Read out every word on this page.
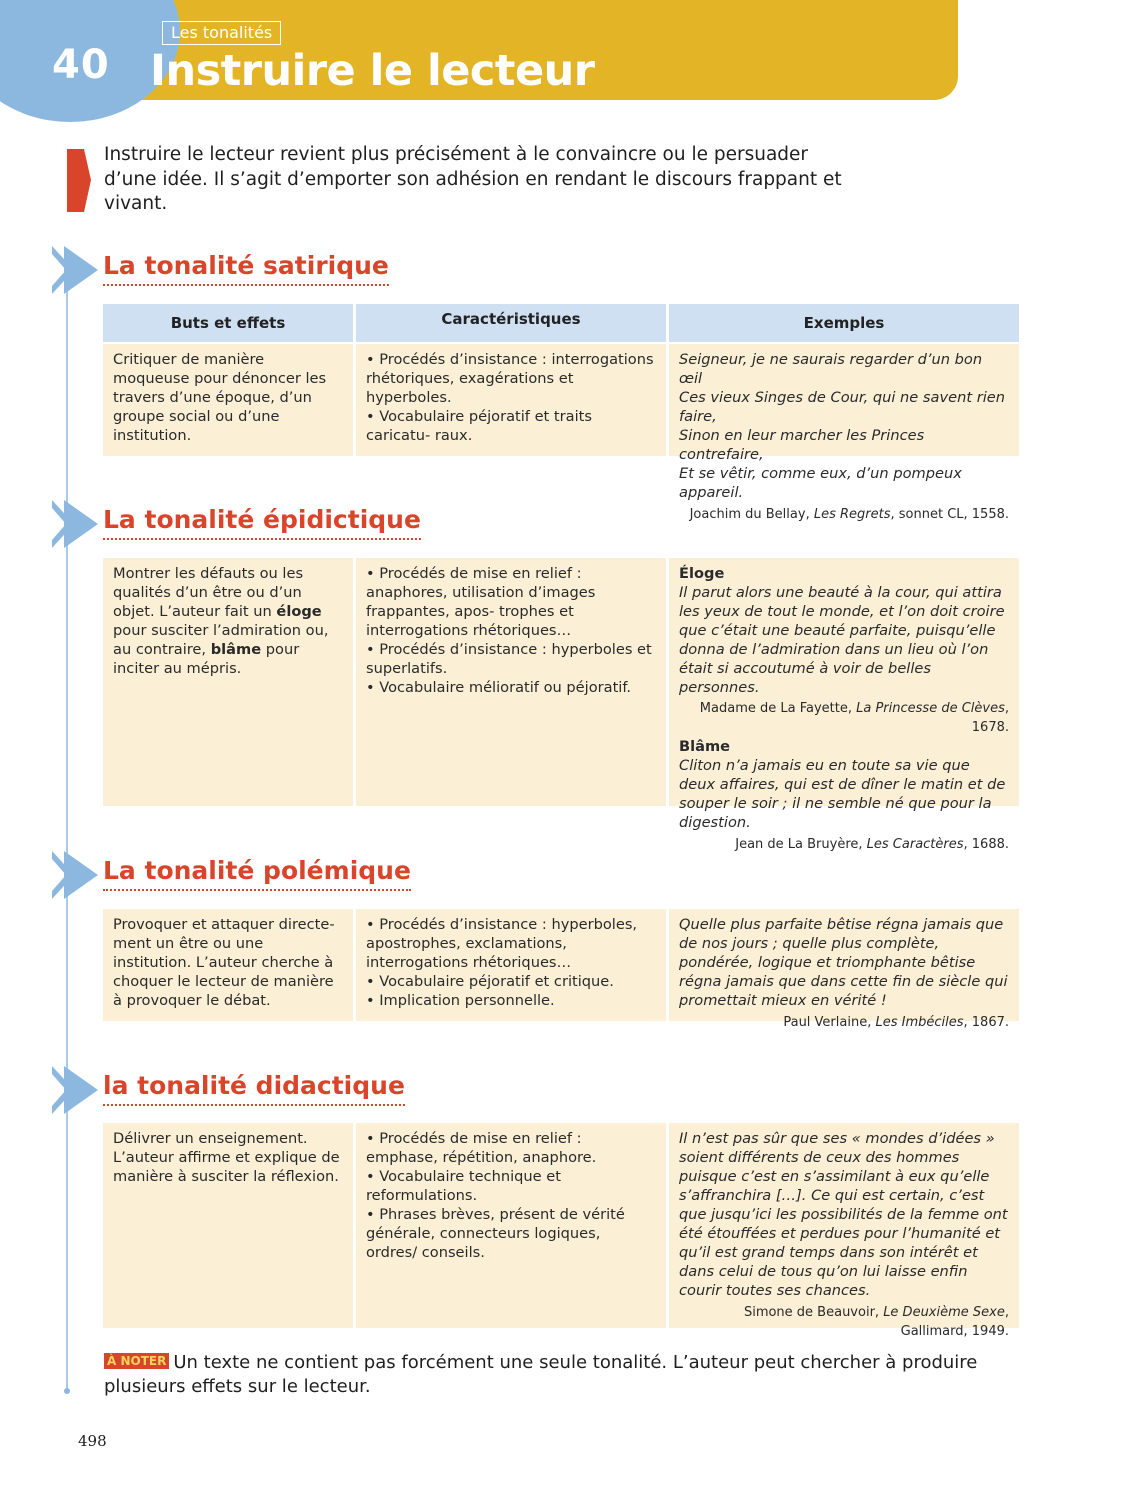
40
Les tonalités
Instruire le lecteur

Instruire le lecteur revient plus précisément à le convaincre ou le persuader d’une idée. Il s’agit d’emporter son adhésion en rendant le discours frappant et vivant.

La tonalité satirique
Buts et effets	Caractéristiques	Exemples
Critiquer de manière moqueuse pour dénoncer les travers d’une époque, d’un groupe social ou d’une institution.
• Procédés d’insistance : interrogations rhétoriques, exagérations et hyperboles.
• Vocabulaire péjoratif et traits caricatu- raux.
Seigneur, je ne saurais regarder d’un bon œil
Ces vieux Singes de Cour, qui ne savent rien faire,
Sinon en leur marcher les Princes contrefaire,
Et se vêtir, comme eux, d’un pompeux appareil.
Joachim du Bellay, Les Regrets, sonnet CL, 1558.
La tonalité épidictique
Montrer les défauts ou les qualités d’un être ou d’un objet. L’auteur fait un éloge pour susciter l’admiration ou, au contraire, blâme pour inciter au mépris.
• Procédés de mise en relief : anaphores, utilisation d’images frappantes, apos- trophes et interrogations rhétoriques…
• Procédés d’insistance : hyperboles et superlatifs.
• Vocabulaire mélioratif ou péjoratif.
Éloge
Il parut alors une beauté à la cour, qui attira les yeux de tout le monde, et l’on doit croire que c’était une beauté parfaite, puisqu’elle donna de l’admiration dans un lieu où l’on était si accoutumé à voir de belles personnes.
Madame de La Fayette, La Princesse de Clèves, 1678.
Blâme
Cliton n’a jamais eu en toute sa vie que deux affaires, qui est de dîner le matin et de souper le soir ; il ne semble né que pour la digestion.
Jean de La Bruyère, Les Caractères, 1688.
La tonalité polémique
Provoquer et attaquer directe- ment un être ou une institution. L’auteur cherche à choquer le lecteur de manière à provoquer le débat.
• Procédés d’insistance : hyperboles, apostrophes, exclamations, interrogations rhétoriques…
• Vocabulaire péjoratif et critique.
• Implication personnelle.
Quelle plus parfaite bêtise régna jamais que de nos jours ; quelle plus complète, pondérée, logique et triomphante bêtise régna jamais que dans cette fin de siècle qui promettait mieux en vérité !
Paul Verlaine, Les Imbéciles, 1867.
la tonalité didactique
Délivrer un enseignement. L’auteur affirme et explique de manière à susciter la réflexion.
• Procédés de mise en relief : emphase, répétition, anaphore.
• Vocabulaire technique et reformulations.
• Phrases brèves, présent de vérité générale, connecteurs logiques, ordres/ conseils.
Il n’est pas sûr que ses « mondes d’idées » soient différents de ceux des hommes puisque c’est en s’assimilant à eux qu’elle s’affranchira […]. Ce qui est certain, c’est que jusqu’ici les possibilités de la femme ont été étouffées et perdues pour l’humanité et qu’il est grand temps dans son intérêt et dans celui de tous qu’on lui laisse enfin courir toutes ses chances.
Simone de Beauvoir, Le Deuxième Sexe,
Gallimard, 1949.

À NOTER Un texte ne contient pas forcément une seule tonalité. L’auteur peut chercher à produire plusieurs effets sur le lecteur.

498
